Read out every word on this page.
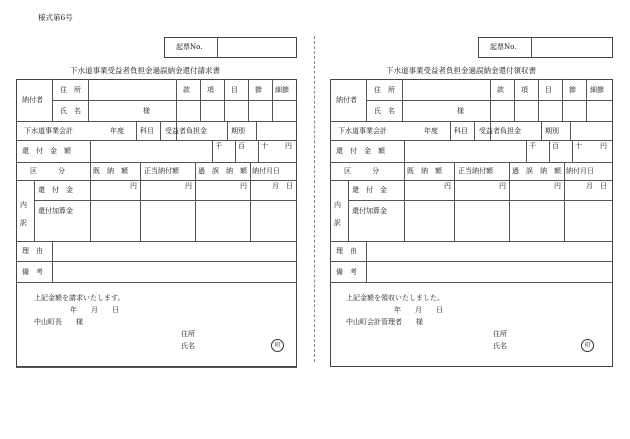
様式第6号
起票No.
下水道事業受益者負担金過誤納金還付請求書
納付者
住　所
氏　名	様
款 項 目 節 細節
下水道事業会計	年度 科目 受益者負担金	期別
還　付　金　額
千 百 十 円
区　　　分	既　納　額 正当納付額	過　誤　納　額 納付月日
内
訳
還　付　金	円	円	円	月　日
還付加算金
理　由
備　考
上記金額を請求いたします。
年　　月　　日
中山町長　　様
住所
氏名	印
起票No.
下水道事業受益者負担金過誤納金還付領収書
納付者
住　所
氏　名	様
款 項 目 節 細節
下水道事業会計	年度 科目 受益者負担金	期別
還　付　金　額
千 百 十	円
区　　　分	既　納　額 正当納付額	過　誤　納　額 納付月日
内
訳
還　付　金	円	円	円	月　日
還付加算金
理　由
備　考
上記金額を領収いたしました。
年　　月　　日
中山町会計管理者　　様
住所
氏名	印
